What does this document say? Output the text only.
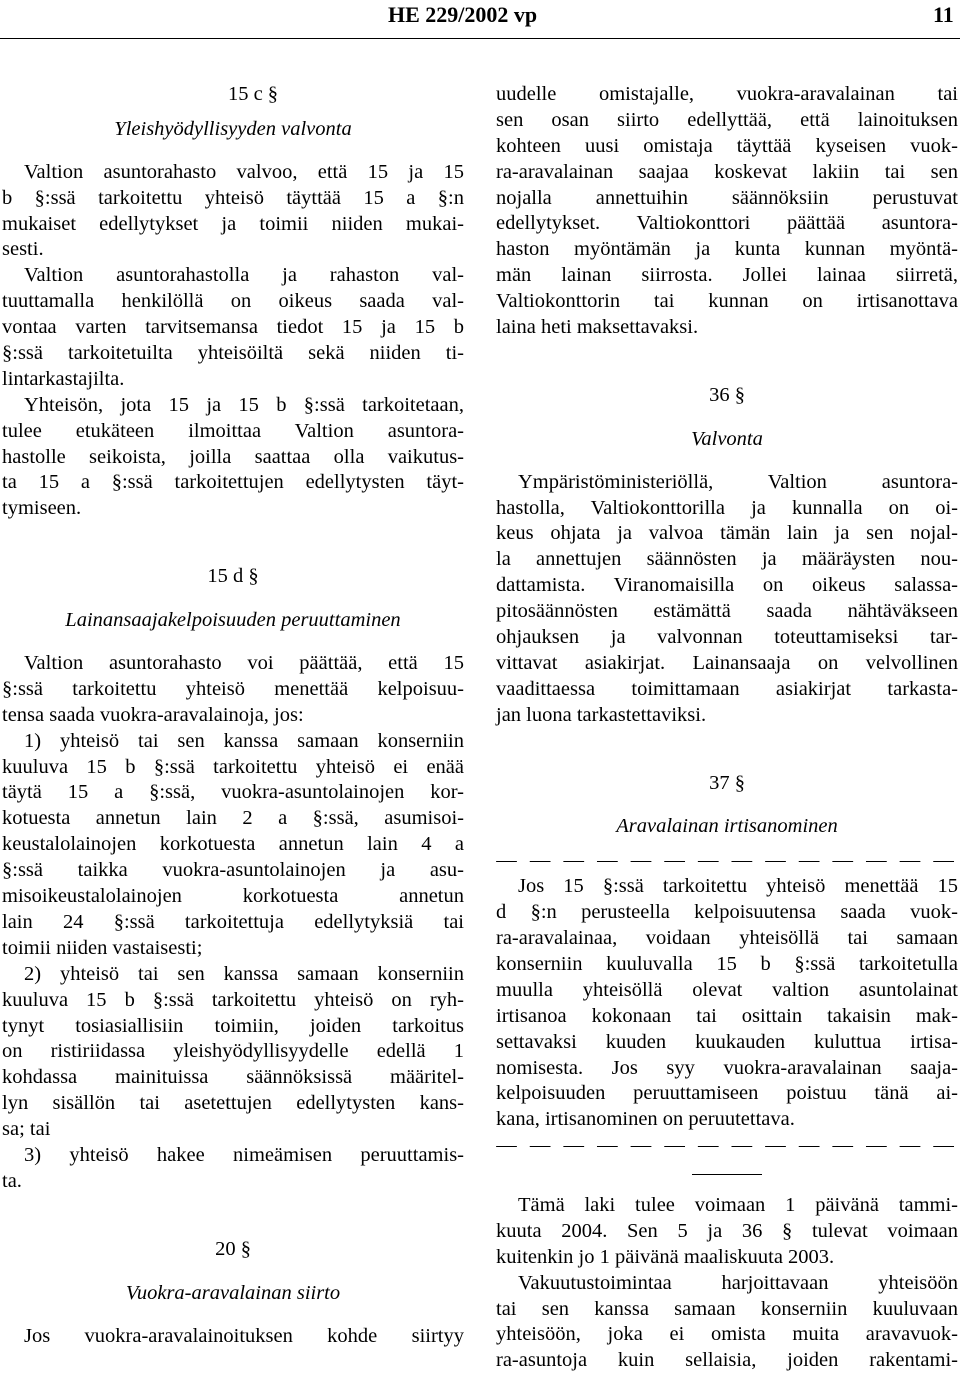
HE 229/2002 vp	11
15 c §
Yleishyödyllisyyden valvonta
Valtion asuntorahasto valvoo, että 15 ja 15
b §:ssä tarkoitettu yhteisö täyttää 15 a §:n
mukaiset edellytykset ja toimii niiden mukai-
sesti.
Valtion asuntorahastolla ja rahaston val-
tuuttamalla henkilöllä on oikeus saada val-
vontaa varten tarvitsemansa tiedot 15 ja 15 b
§:ssä tarkoitetuilta yhteisöiltä sekä niiden ti-
lintarkastajilta.
Yhteisön, jota 15 ja 15 b §:ssä tarkoitetaan,
tulee etukäteen ilmoittaa Valtion asuntora-
hastolle seikoista, joilla saattaa olla vaikutus-
ta 15 a §:ssä tarkoitettujen edellytysten täyt-
tymiseen.
15 d §
Lainansaajakelpoisuuden peruuttaminen
Valtion asuntorahasto voi päättää, että 15
§:ssä tarkoitettu yhteisö menettää kelpoisuu-
tensa saada vuokra-aravalainoja, jos:
1) yhteisö tai sen kanssa samaan konserniin
kuuluva 15 b §:ssä tarkoitettu yhteisö ei enää
täytä 15 a §:ssä, vuokra-asuntolainojen kor-
kotuesta annetun lain 2 a §:ssä, asumisoi-
keustalolainojen korkotuesta annetun lain 4 a
§:ssä taikka vuokra-asuntolainojen ja asu-
misoikeustalolainojen korkotuesta annetun
lain 24 §:ssä tarkoitettuja edellytyksiä tai
toimii niiden vastaisesti;
2) yhteisö tai sen kanssa samaan konserniin
kuuluva 15 b §:ssä tarkoitettu yhteisö on ryh-
tynyt tosiasiallisiin toimiin, joiden tarkoitus
on ristiriidassa yleishyödyllisyydelle edellä 1
kohdassa mainituissa säännöksissä määritel-
lyn sisällön tai asetettujen edellytysten kans-
sa; tai
3) yhteisö hakee nimeämisen peruuttamis-
ta.
20 §
Vuokra-aravalainan siirto
Jos vuokra-aravalainoituksen kohde siirtyy
uudelle omistajalle, vuokra-aravalainan tai
sen osan siirto edellyttää, että lainoituksen
kohteen uusi omistaja täyttää kyseisen vuok-
ra-aravalainan saajaa koskevat lakiin tai sen
nojalla annettuihin säännöksiin perustuvat
edellytykset. Valtiokonttori päättää asuntora-
haston myöntämän ja kunta kunnan myöntä-
män lainan siirrosta. Jollei lainaa siirretä,
Valtiokonttorin tai kunnan on irtisanottava
laina heti maksettavaksi.
36 §
Valvonta
Ympäristöministeriöllä, Valtion asuntora-
hastolla, Valtiokonttorilla ja kunnalla on oi-
keus ohjata ja valvoa tämän lain ja sen nojal-
la annettujen säännösten ja määräysten nou-
dattamista. Viranomaisilla on oikeus salassa-
pitosäännösten estämättä saada nähtäväkseen
ohjauksen ja valvonnan toteuttamiseksi tar-
vittavat asiakirjat. Lainansaaja on velvollinen
vaadittaessa toimittamaan asiakirjat tarkasta-
jan luona tarkastettaviksi.
37 §
Aravalainan irtisanominen
— — — — — — — — — — — — — —
Jos 15 §:ssä tarkoitettu yhteisö menettää 15
d §:n perusteella kelpoisuutensa saada vuok-
ra-aravalainaa, voidaan yhteisöllä tai samaan
konserniin kuuluvalla 15 b §:ssä tarkoitetulla
muulla yhteisöllä olevat valtion asuntolainat
irtisanoa kokonaan tai osittain takaisin mak-
settavaksi kuuden kuukauden kuluttua irtisa-
nomisesta. Jos syy vuokra-aravalainan saaja-
kelpoisuuden peruuttamiseen poistuu tänä ai-
kana, irtisanominen on peruutettava.
— — — — — — — — — — — — — —
Tämä laki tulee voimaan 1 päivänä tammi-
kuuta 2004. Sen 5 ja 36 § tulevat voimaan
kuitenkin jo 1 päivänä maaliskuuta 2003.
Vakuutustoimintaa harjoittavaan yhteisöön
tai sen kanssa samaan konserniin kuuluvaan
yhteisöön, joka ei omista muita aravavuok-
ra-asuntoja kuin sellaisia, joiden rakentami-
